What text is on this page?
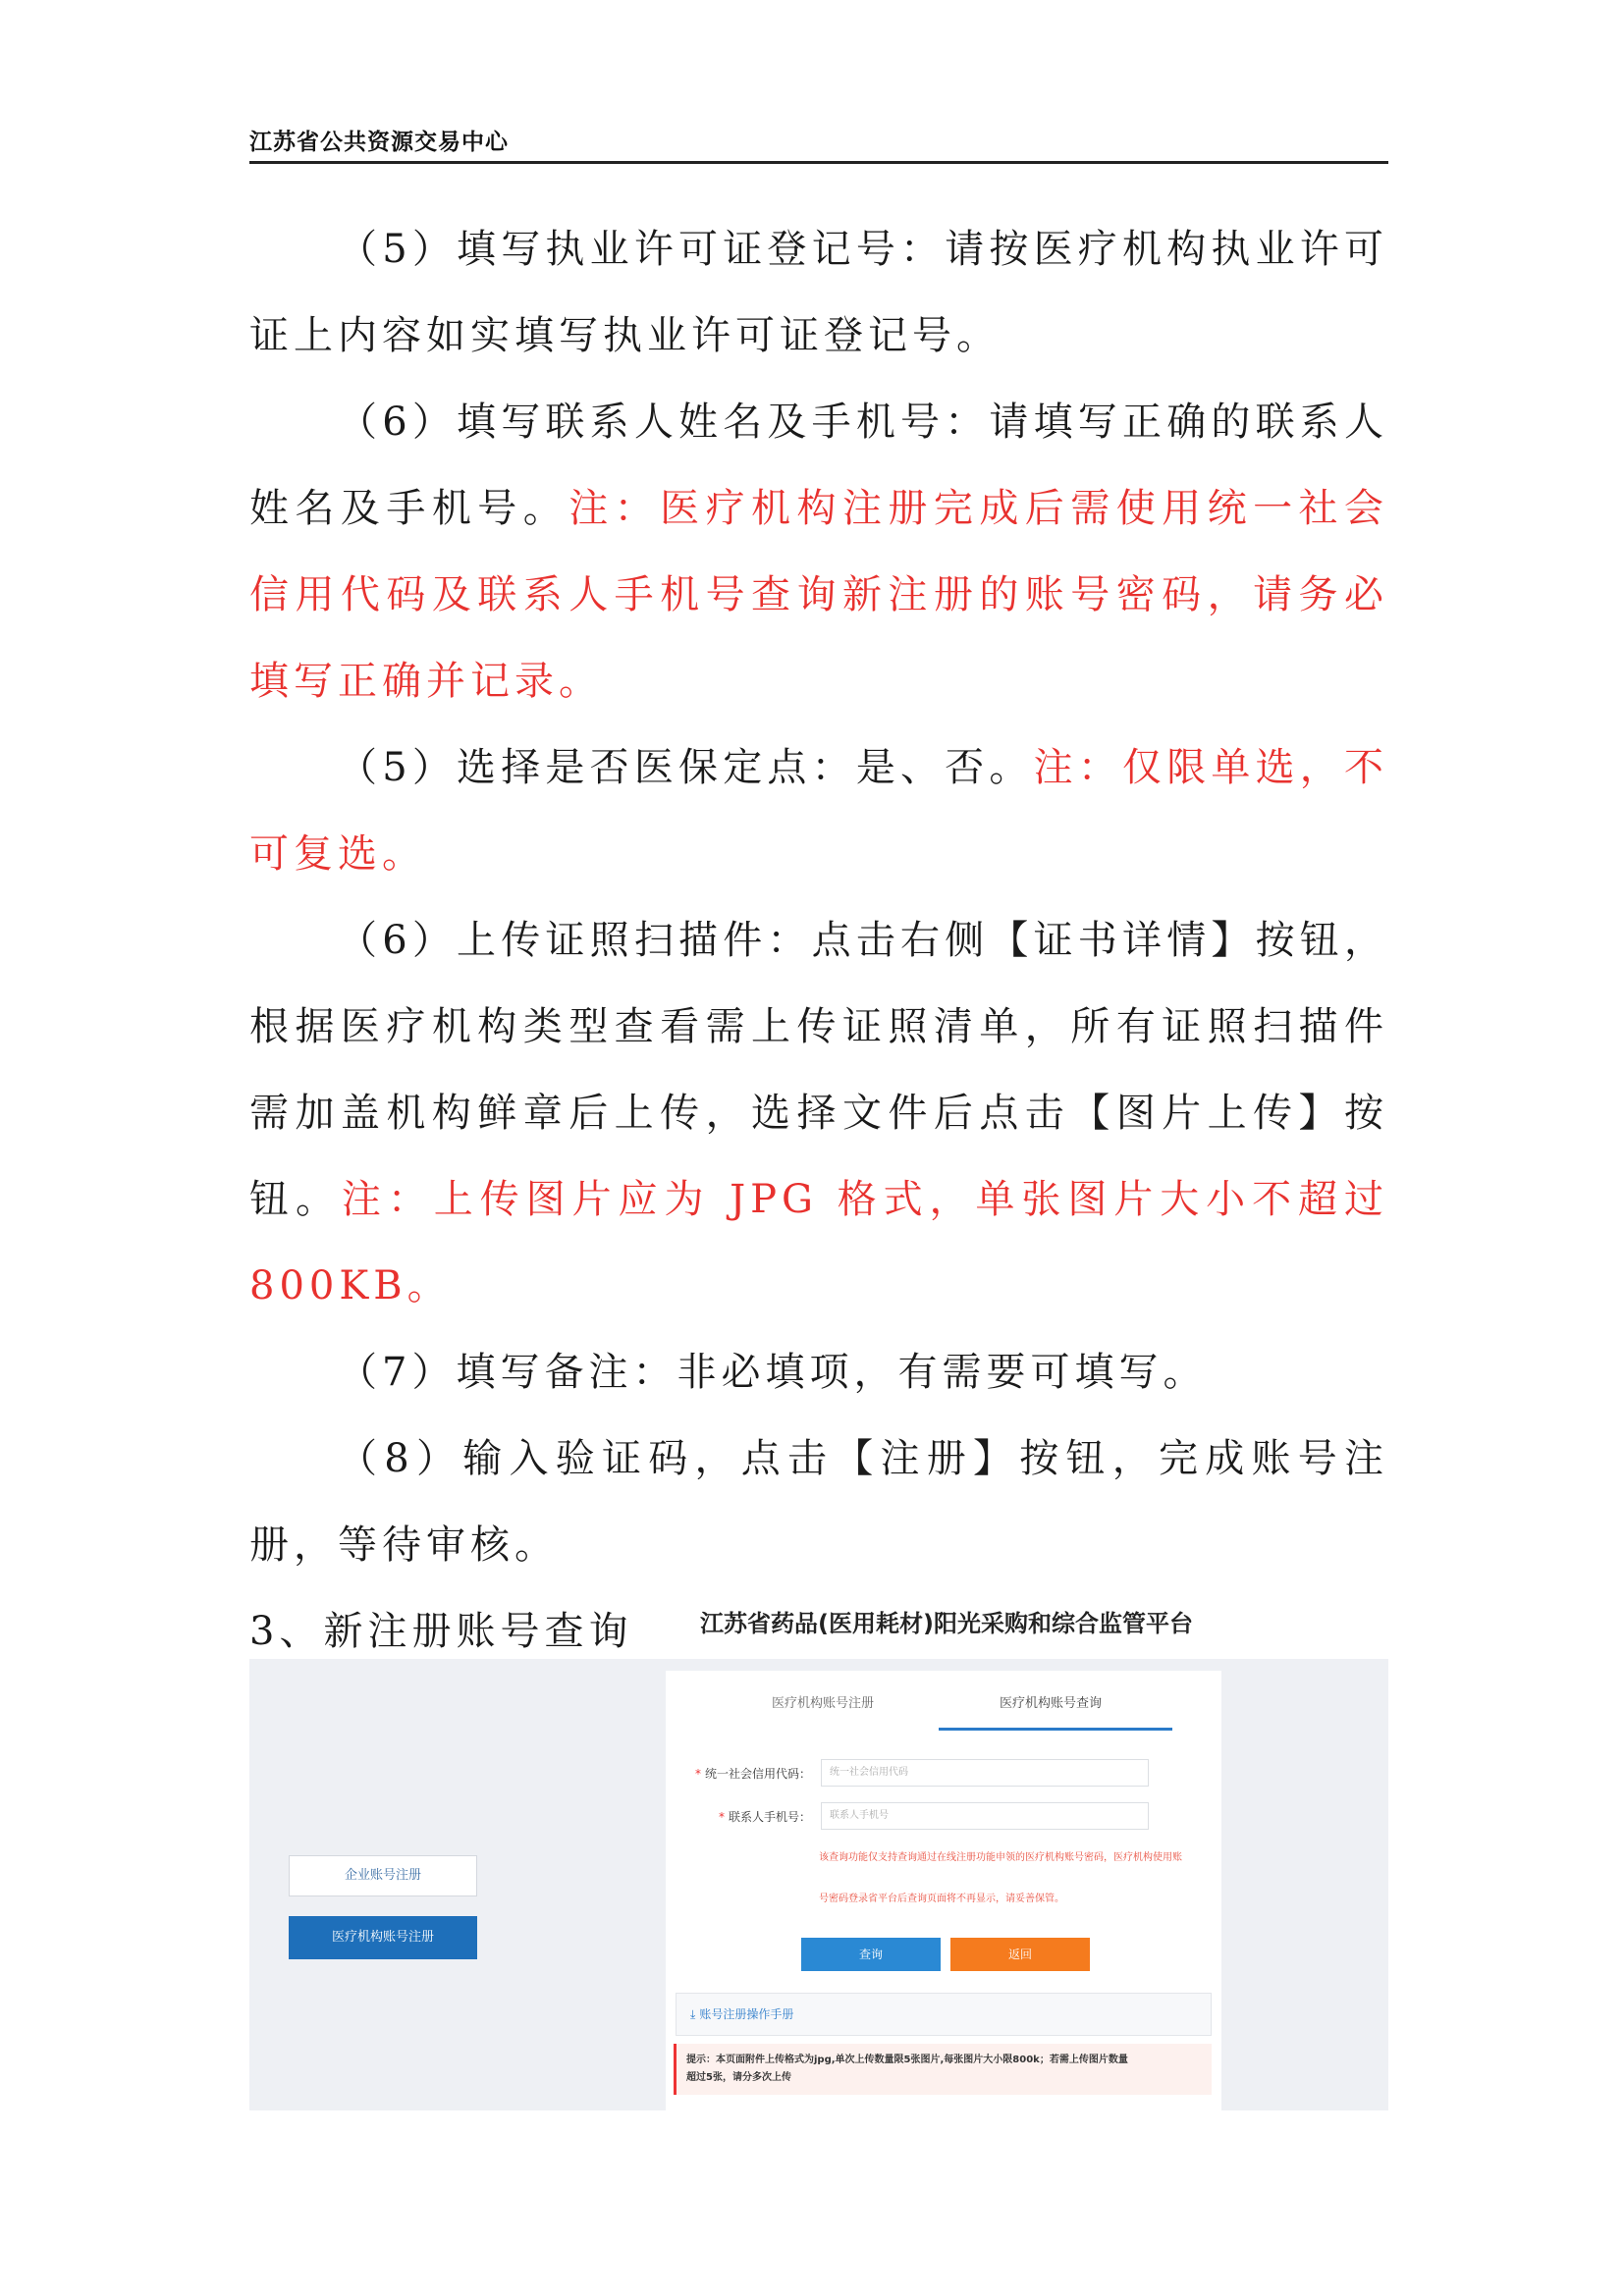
江苏省公共资源交易中心

（5）填写执业许可证登记号：请按医疗机构执业许可证上内容如实填写执业许可证登记号。

（6）填写联系人姓名及手机号：请填写正确的联系人姓名及手机号。注：医疗机构注册完成后需使用统一社会信用代码及联系人手机号查询新注册的账号密码，请务必填写正确并记录。

（5）选择是否医保定点：是、否。注：仅限单选，不可复选。

（6）上传证照扫描件：点击右侧【证书详情】按钮，根据医疗机构类型查看需上传证照清单，所有证照扫描件需加盖机构鲜章后上传，选择文件后点击【图片上传】按钮。注：上传图片应为 JPG 格式，单张图片大小不超过 800KB。

（7）填写备注：非必填项，有需要可填写。

（8）输入验证码，点击【注册】按钮，完成账号注册，等待审核。

3、新注册账号查询	江苏省药品(医用耗材)阳光采购和综合监管平台
企业账号注册
医疗机构账号注册
医疗机构账号注册	医疗机构账号查询
* 统一社会信用代码：	统一社会信用代码
* 联系人手机号：	联系人手机号
该查询功能仅支持查询通过在线注册功能申领的医疗机构账号密码，医疗机构使用账
号密码登录省平台后查询页面将不再显示，请妥善保管。
查询	返回
⤓ 账号注册操作手册
提示：本页面附件上传格式为jpg,单次上传数量限5张图片,每张图片大小限800k；若需上传图片数量
超过5张，请分多次上传
